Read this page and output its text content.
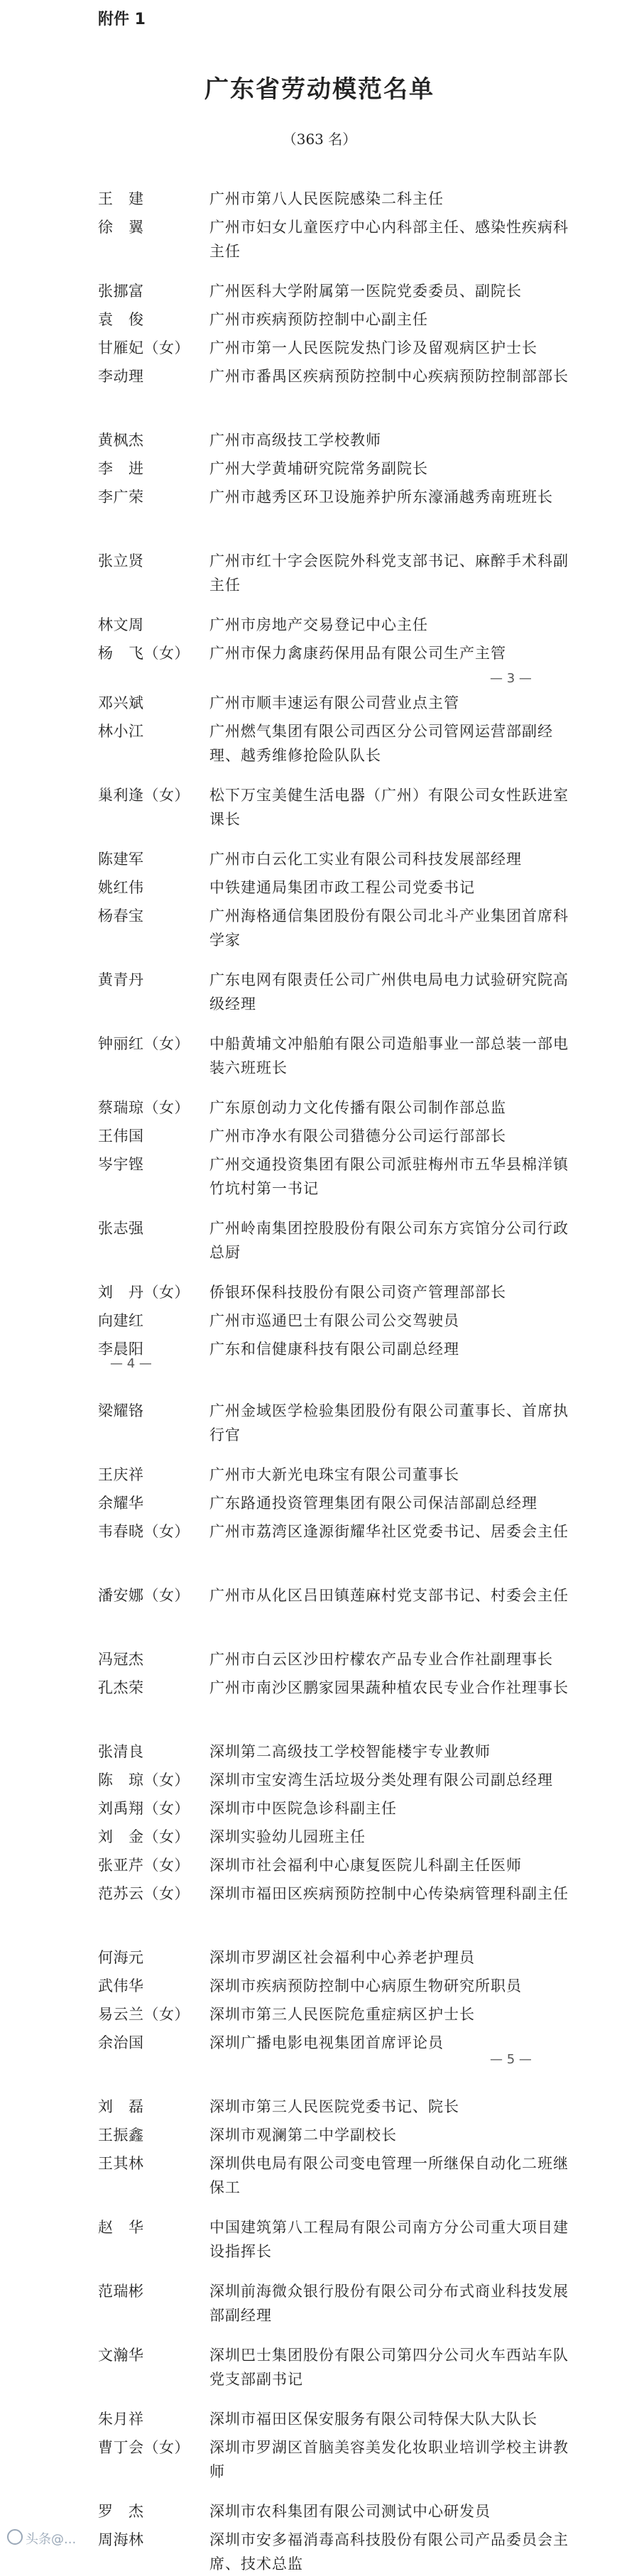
附件 1
广东省劳动模范名单
（363 名）
王　建	广州市第八人民医院感染二科主任
徐　翼	广州市妇女儿童医疗中心内科部主任、感染性疾病科主任
张挪富	广州医科大学附属第一医院党委委员、副院长
袁　俊	广州市疾病预防控制中心副主任
甘雁妃（女）	广州市第一人民医院发热门诊及留观病区护士长
李动理	广州市番禺区疾病预防控制中心疾病预防控制部部长
黄枫杰	广州市高级技工学校教师
李　进	广州大学黄埔研究院常务副院长
李广荣	广州市越秀区环卫设施养护所东濠涌越秀南班班长
张立贤	广州市红十字会医院外科党支部书记、麻醉手术科副主任
林文周	广州市房地产交易登记中心主任
杨　飞（女）	广州市保力禽康药保用品有限公司生产主管
邓兴斌	广州市顺丰速运有限公司营业点主管
林小江	广州燃气集团有限公司西区分公司管网运营部副经理、越秀维修抢险队队长
巢利逢（女）	松下万宝美健生活电器（广州）有限公司女性跃进室课长
陈建军	广州市白云化工实业有限公司科技发展部经理
姚红伟	中铁建通局集团市政工程公司党委书记
杨春宝	广州海格通信集团股份有限公司北斗产业集团首席科学家
黄青丹	广东电网有限责任公司广州供电局电力试验研究院高级经理
钟丽红（女）	中船黄埔文冲船舶有限公司造船事业一部总装一部电装六班班长
蔡瑞琼（女）	广东原创动力文化传播有限公司制作部总监
王伟国	广州市净水有限公司猎德分公司运行部部长
岑宇铿	广州交通投资集团有限公司派驻梅州市五华县棉洋镇竹坑村第一书记
张志强	广州岭南集团控股股份有限公司东方宾馆分公司行政总厨
刘　丹（女）	侨银环保科技股份有限公司资产管理部部长
向建红	广州市巡通巴士有限公司公交驾驶员
李晨阳	广东和信健康科技有限公司副总经理
梁耀铬	广州金域医学检验集团股份有限公司董事长、首席执行官
王庆祥	广州市大新光电珠宝有限公司董事长
余耀华	广东路通投资管理集团有限公司保洁部副总经理
韦春晓（女）	广州市荔湾区逢源街耀华社区党委书记、居委会主任
潘安娜（女）	广州市从化区吕田镇莲麻村党支部书记、村委会主任
冯冠杰	广州市白云区沙田柠檬农产品专业合作社副理事长
孔杰荣	广州市南沙区鹏家园果蔬种植农民专业合作社理事长
张清良	深圳第二高级技工学校智能楼宇专业教师
陈　琼（女）	深圳市宝安湾生活垃圾分类处理有限公司副总经理
刘禹翔（女）	深圳市中医院急诊科副主任
刘　金（女）	深圳实验幼儿园班主任
张亚芹（女）	深圳市社会福利中心康复医院儿科副主任医师
范苏云（女）	深圳市福田区疾病预防控制中心传染病管理科副主任
何海元	深圳市罗湖区社会福利中心养老护理员
武伟华	深圳市疾病预防控制中心病原生物研究所职员
易云兰（女）	深圳市第三人民医院危重症病区护士长
余治国	深圳广播电影电视集团首席评论员
刘　磊	深圳市第三人民医院党委书记、院长
王振鑫	深圳市观澜第二中学副校长
王其林	深圳供电局有限公司变电管理一所继保自动化二班继保工
赵　华	中国建筑第八工程局有限公司南方分公司重大项目建设指挥长
范瑞彬	深圳前海微众银行股份有限公司分布式商业科技发展部副经理
文瀚华	深圳巴士集团股份有限公司第四分公司火车西站车队党支部副书记
朱月祥	深圳市福田区保安服务有限公司特保大队大队长
曹丁会（女）	深圳市罗湖区首脑美容美发化妆职业培训学校主讲教师
罗　杰	深圳市农科集团有限公司测试中心研发员
周海林	深圳市安多福消毒高科技股份有限公司产品委员会主席、技术总监
— 3 —
— 4 —
— 5 —
头条@...
